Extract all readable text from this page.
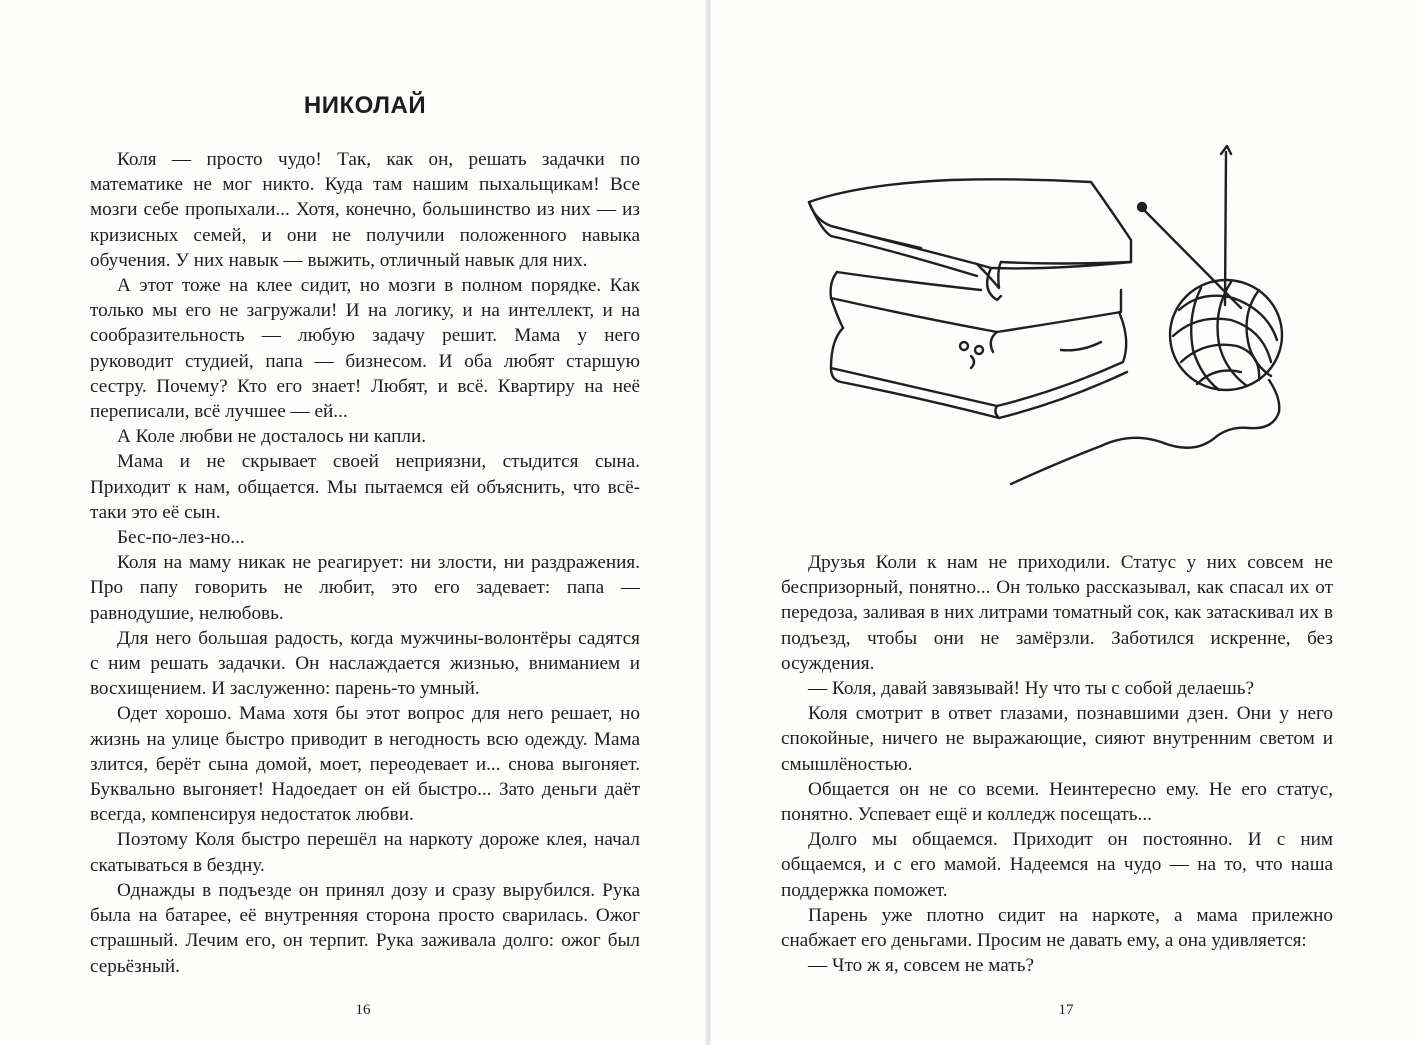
НИКОЛАЙ

Коля — просто чудо! Так, как он, решать задачки по математике не мог никто. Куда там нашим пыхальщикам! Все мозги себе пропыхали... Хотя, конечно, большинство из них — из кризисных семей, и они не получили положенного навыка обучения. У них навык — выжить, отличный навык для них.

А этот тоже на клее сидит, но мозги в полном порядке. Как только мы его не загружали! И на логику, и на интеллект, и на сообразительность — любую задачу решит. Мама у него руководит студией, папа — бизнесом. И оба любят старшую сестру. Почему? Кто его знает! Любят, и всё. Квартиру на неё переписали, всё лучшее — ей...

А Коле любви не досталось ни капли.

Мама и не скрывает своей неприязни, стыдится сына. Приходит к нам, общается. Мы пытаемся ей объяснить, что всё-таки это её сын.

Бес-по-лез-но...

Коля на маму никак не реагирует: ни злости, ни раздражения. Про папу говорить не любит, это его задевает: папа — равнодушие, нелюбовь.

Для него большая радость, когда мужчины-волонтёры садятся с ним решать задачки. Он наслаждается жизнью, вниманием и восхищением. И заслуженно: парень-то умный.

Одет хорошо. Мама хотя бы этот вопрос для него решает, но жизнь на улице быстро приводит в негодность всю одежду. Мама злится, берёт сына домой, моет, переодевает и... снова выгоняет. Буквально выгоняет! Надоедает он ей быстро... Зато деньги даёт всегда, компенсируя недостаток любви.

Поэтому Коля быстро перешёл на наркоту дороже клея, начал скатываться в бездну.

Однажды в подъезде он принял дозу и сразу вырубился. Рука была на батарее, её внутренняя сторона просто сварилась. Ожог страшный. Лечим его, он терпит. Рука заживала долго: ожог был серьёзный.

16

Друзья Коли к нам не приходили. Статус у них совсем не беспризорный, понятно... Он только рассказывал, как спасал их от передоза, заливая в них литрами томатный сок, как затаскивал их в подъезд, чтобы они не замёрзли. Заботился искренне, без осуждения.

— Коля, давай завязывай! Ну что ты с собой делаешь?

Коля смотрит в ответ глазами, познавшими дзен. Они у него спокойные, ничего не выражающие, сияют внутренним светом и смышлёностью.

Общается он не со всеми. Неинтересно ему. Не его статус, понятно. Успевает ещё и колледж посещать...

Долго мы общаемся. Приходит он постоянно. И с ним общаемся, и с его мамой. Надеемся на чудо — на то, что наша поддержка поможет.

Парень уже плотно сидит на наркоте, а мама прилежно снабжает его деньгами. Просим не давать ему, а она удивляется:

— Что ж я, совсем не мать?

17
